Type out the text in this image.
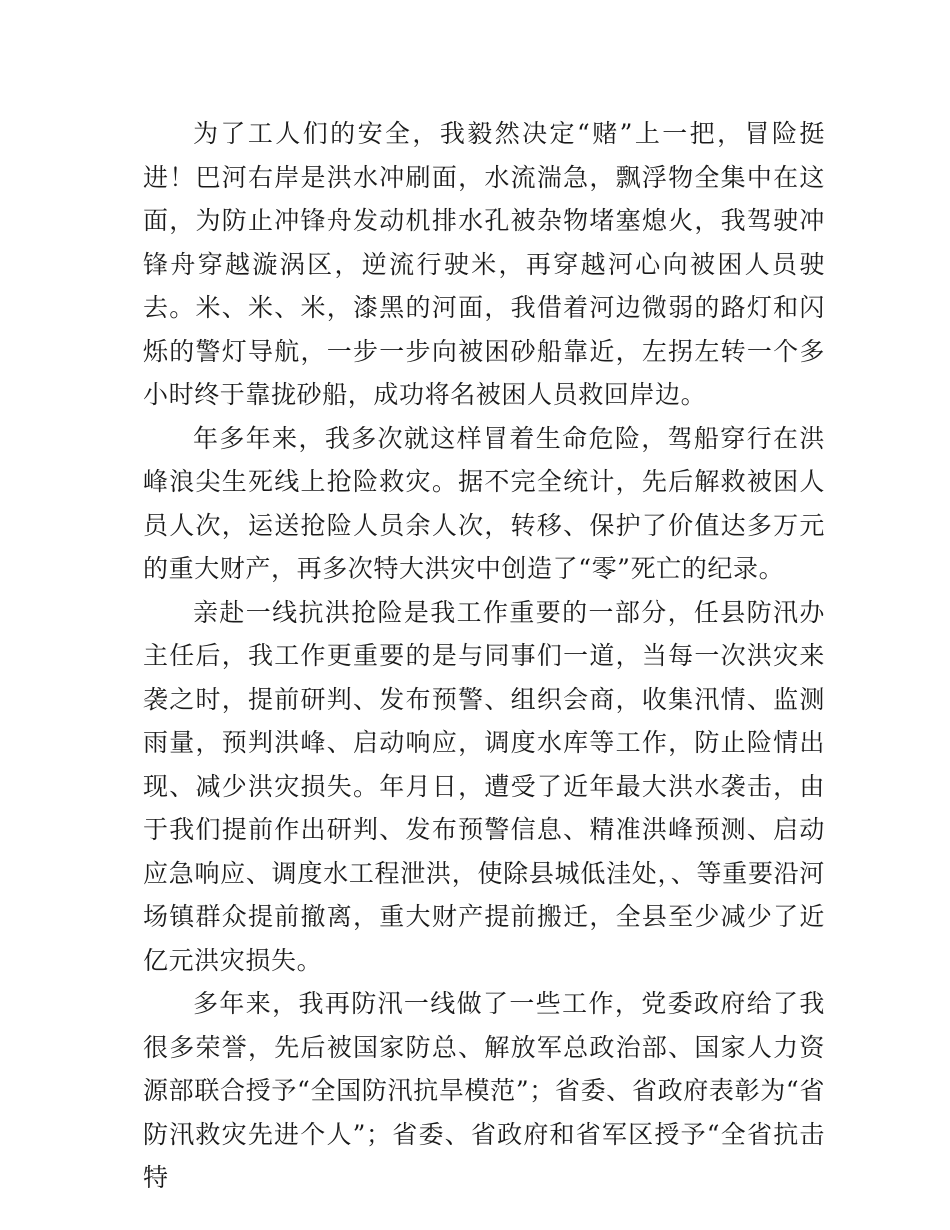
为了工人们的安全，我毅然决定“赌”上一把，冒险挺进！巴河右岸是洪水冲刷面，水流湍急，飘浮物全集中在这面，为防止冲锋舟发动机排水孔被杂物堵塞熄火，我驾驶冲锋舟穿越漩涡区，逆流行驶米，再穿越河心向被困人员驶去。米、米、米，漆黑的河面，我借着河边微弱的路灯和闪烁的警灯导航，一步一步向被困砂船靠近，左拐左转一个多小时终于靠拢砂船，成功将名被困人员救回岸边。

年多年来，我多次就这样冒着生命危险，驾船穿行在洪峰浪尖生死线上抢险救灾。据不完全统计，先后解救被困人员人次，运送抢险人员余人次，转移、保护了价值达多万元的重大财产，再多次特大洪灾中创造了“零”死亡的纪录。

亲赴一线抗洪抢险是我工作重要的一部分，任县防汛办主任后，我工作更重要的是与同事们一道，当每一次洪灾来袭之时，提前研判、发布预警、组织会商，收集汛情、监测雨量，预判洪峰、启动响应，调度水库等工作，防止险情出现、减少洪灾损失。年月日，遭受了近年最大洪水袭击，由于我们提前作出研判、发布预警信息、精准洪峰预测、启动应急响应、调度水工程泄洪，使除县城低洼处，、等重要沿河场镇群众提前撤离，重大财产提前搬迁，全县至少减少了近亿元洪灾损失。

多年来，我再防汛一线做了一些工作，党委政府给了我很多荣誉，先后被国家防总、解放军总政治部、国家人力资源部联合授予“全国防汛抗旱模范”；省委、省政府表彰为“省防汛救灾先进个人”；省委、省政府和省军区授予“全省抗击特
